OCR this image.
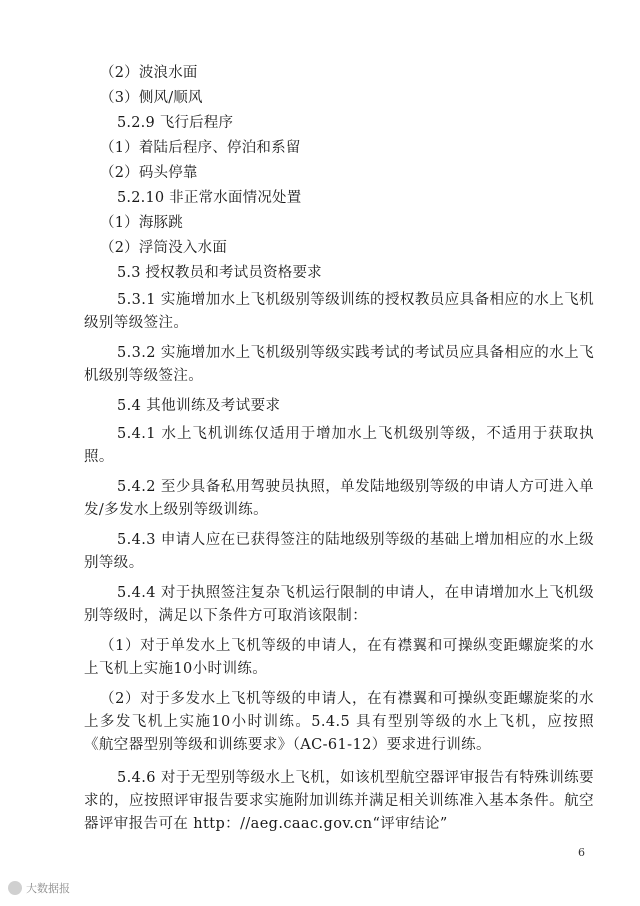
（2）波浪水面
（3）侧风/顺风
5.2.9 飞行后程序
（1）着陆后程序、停泊和系留
（2）码头停靠
5.2.10 非正常水面情况处置
（1）海豚跳
（2）浮筒没入水面
5.3 授权教员和考试员资格要求

5.3.1 实施增加水上飞机级别等级训练的授权教员应具备相应的水上飞机级别等级签注。

5.3.2 实施增加水上飞机级别等级实践考试的考试员应具备相应的水上飞机级别等级签注。

5.4 其他训练及考试要求

5.4.1 水上飞机训练仅适用于增加水上飞机级别等级，不适用于获取执照。

5.4.2 至少具备私用驾驶员执照，单发陆地级别等级的申请人方可进入单发/多发水上级别等级训练。

5.4.3 申请人应在已获得签注的陆地级别等级的基础上增加相应的水上级别等级。

5.4.4 对于执照签注复杂飞机运行限制的申请人，在申请增加水上飞机级别等级时，满足以下条件方可取消该限制：

（1）对于单发水上飞机等级的申请人，在有襟翼和可操纵变距螺旋桨的水上飞机上实施10小时训练。

（2）对于多发水上飞机等级的申请人，在有襟翼和可操纵变距螺旋桨的水上多发飞机上实施10小时训练。5.4.5 具有型别等级的水上飞机，应按照《航空器型别等级和训练要求》（AC-61-12）要求进行训练。

5.4.6 对于无型别等级水上飞机，如该机型航空器评审报告有特殊训练要求的，应按照评审报告要求实施附加训练并满足相关训练准入基本条件。航空器评审报告可在 http：//aeg.caac.gov.cn“评审结论”

6
大数据报
